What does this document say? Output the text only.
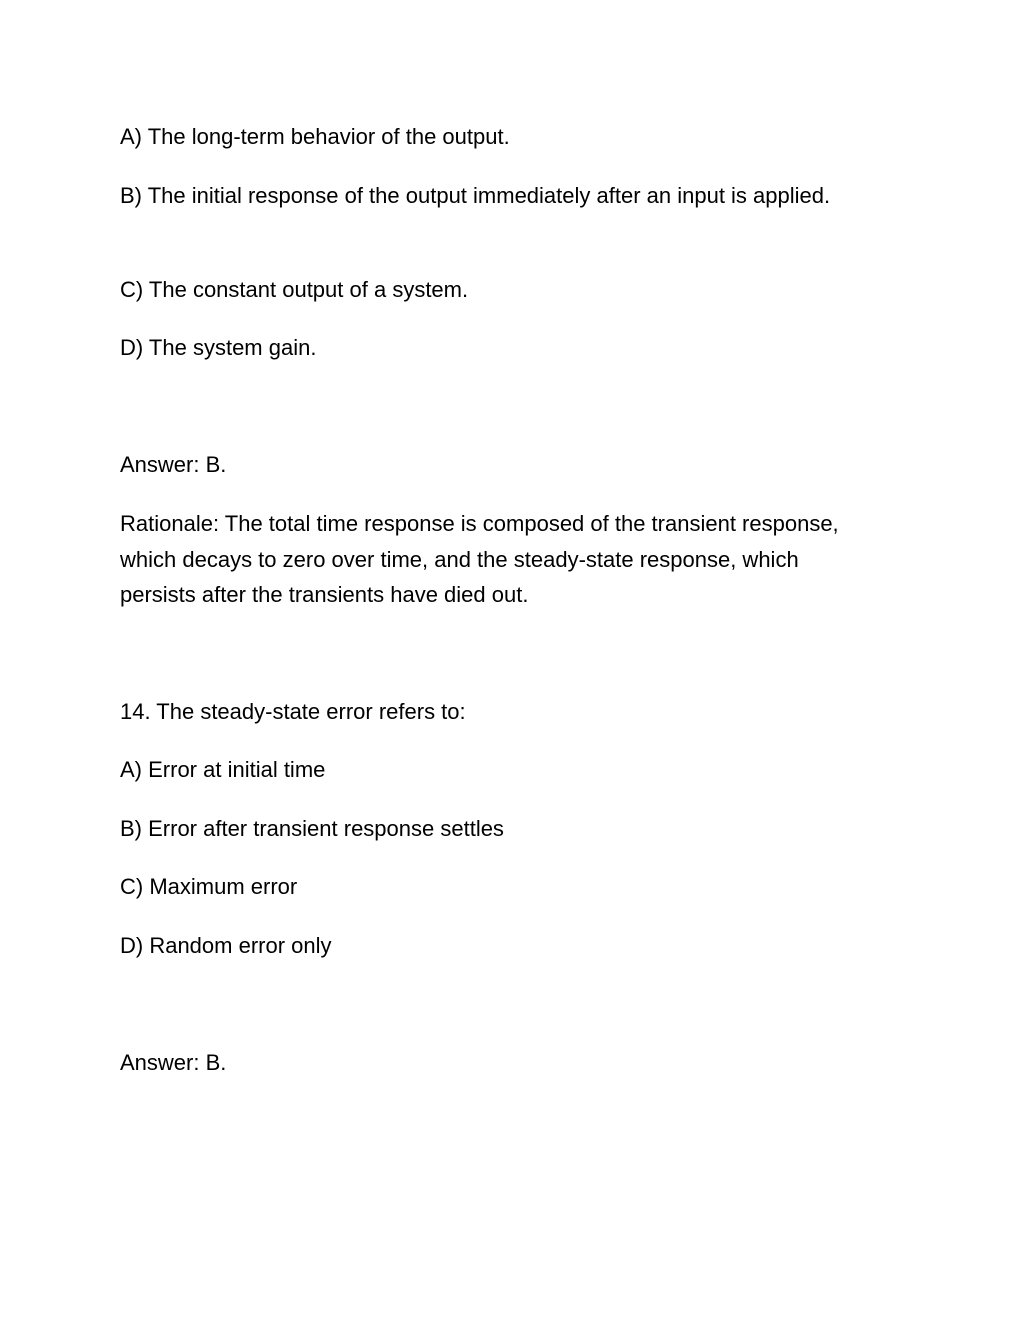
A) The long-term behavior of the output.

B) The initial response of the output immediately after an input is applied.

C) The constant output of a system.

D) The system gain.

Answer: B.

Rationale: The total time response is composed of the transient response, which decays to zero over time, and the steady-state response, which persists after the transients have died out.

14. The steady-state error refers to:

A) Error at initial time

B) Error after transient response settles

C) Maximum error

D) Random error only

Answer: B.
